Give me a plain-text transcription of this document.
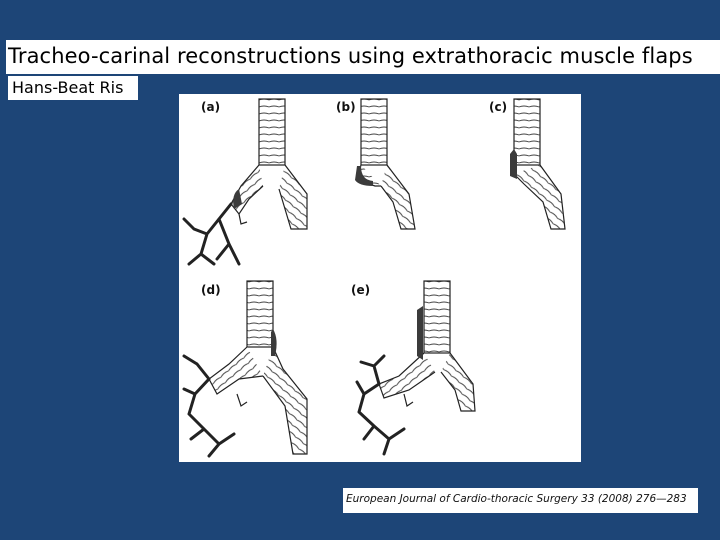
Tracheo-carinal reconstructions using extrathoracic muscle flaps
Hans-Beat Ris
(a)	(b)	(c)
(d)	(e)
European Journal of Cardio-thoracic Surgery 33 (2008) 276—283
